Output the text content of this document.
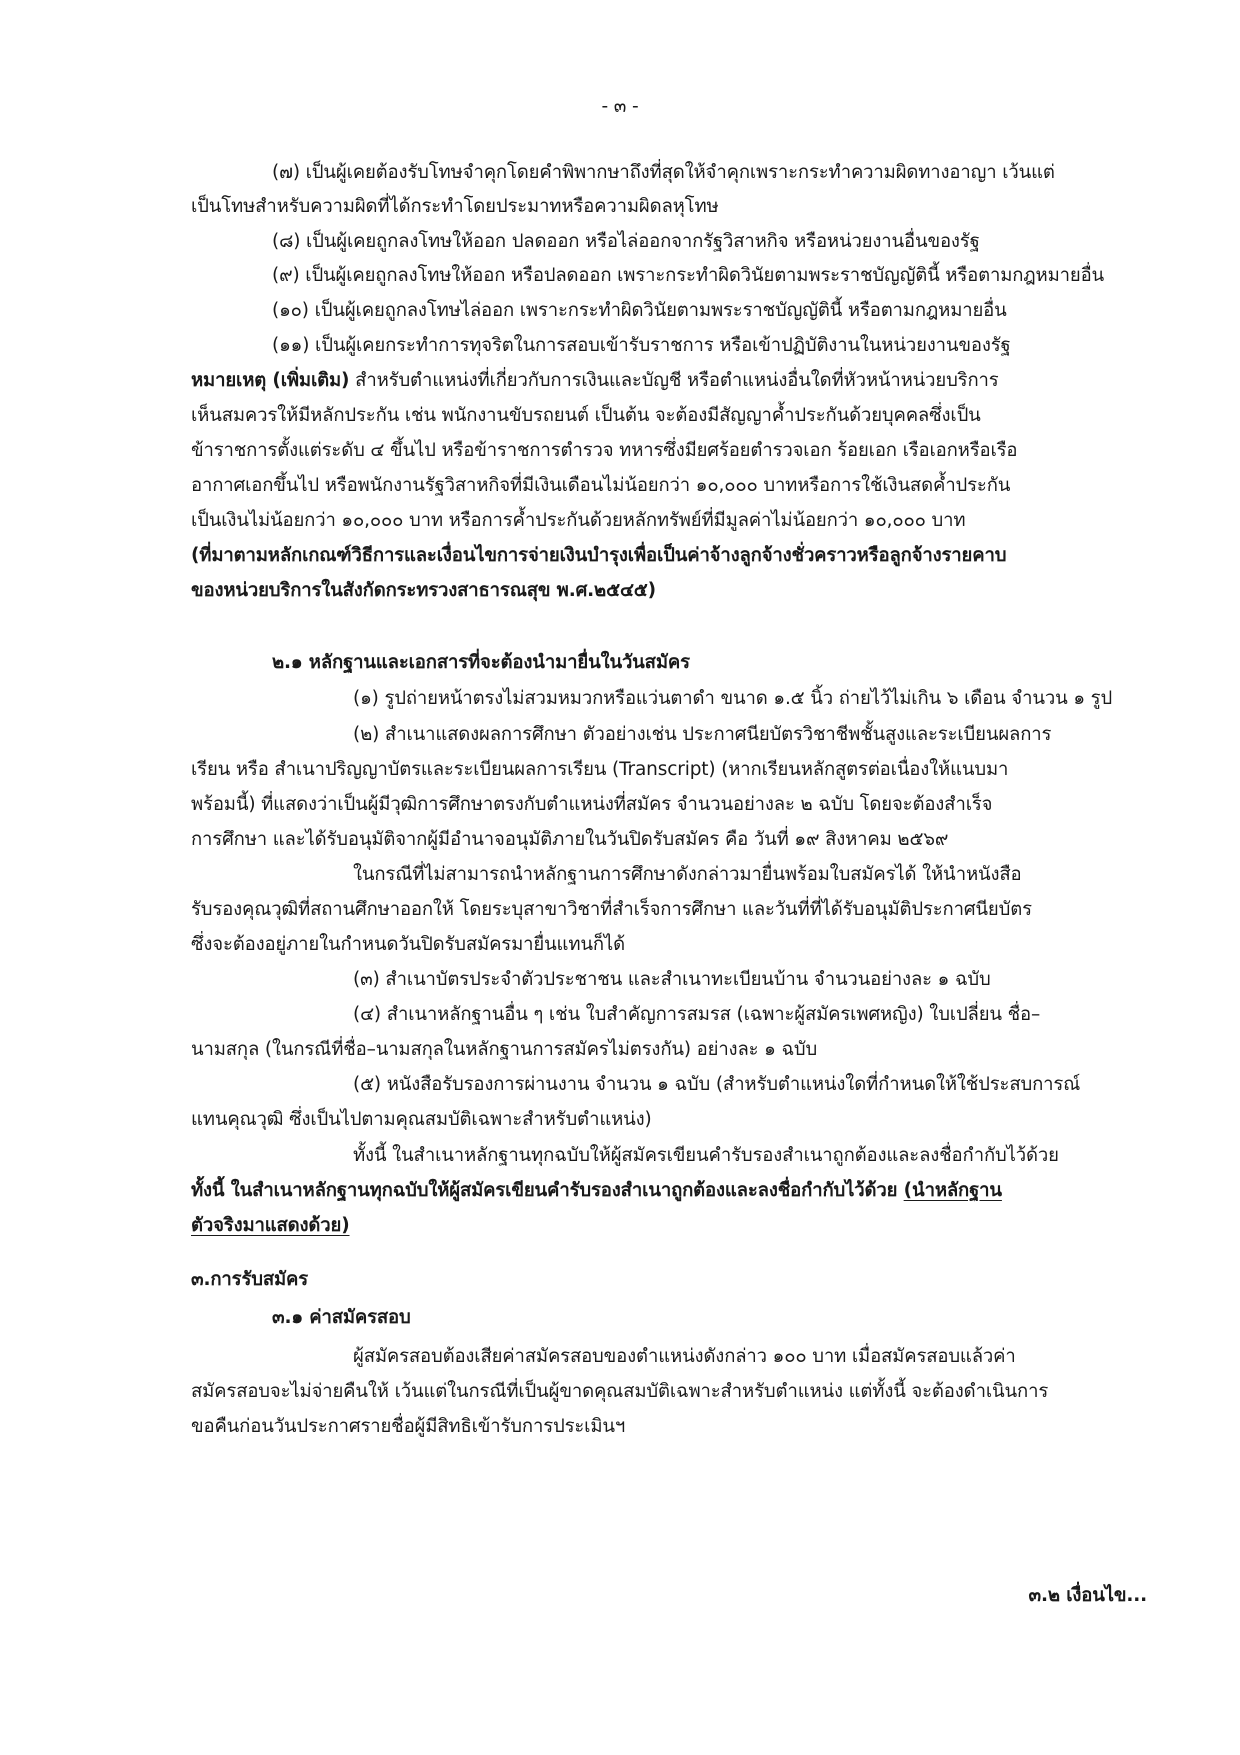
- ๓ -
(๗) เป็นผู้เคยต้องรับโทษจำคุกโดยคำพิพากษาถึงที่สุดให้จำคุกเพราะกระทำความผิดทางอาญา เว้นแต่
เป็นโทษสำหรับความผิดที่ได้กระทำโดยประมาทหรือความผิดลหุโทษ
(๘) เป็นผู้เคยถูกลงโทษให้ออก ปลดออก หรือไล่ออกจากรัฐวิสาหกิจ หรือหน่วยงานอื่นของรัฐ
(๙) เป็นผู้เคยถูกลงโทษให้ออก หรือปลดออก เพราะกระทำผิดวินัยตามพระราชบัญญัตินี้ หรือตามกฎหมายอื่น
(๑๐) เป็นผู้เคยถูกลงโทษไล่ออก เพราะกระทำผิดวินัยตามพระราชบัญญัตินี้ หรือตามกฎหมายอื่น
(๑๑) เป็นผู้เคยกระทำการทุจริตในการสอบเข้ารับราชการ หรือเข้าปฏิบัติงานในหน่วยงานของรัฐ
หมายเหตุ (เพิ่มเติม) สำหรับตำแหน่งที่เกี่ยวกับการเงินและบัญชี หรือตำแหน่งอื่นใดที่หัวหน้าหน่วยบริการ
เห็นสมควรให้มีหลักประกัน เช่น พนักงานขับรถยนต์ เป็นต้น จะต้องมีสัญญาค้ำประกันด้วยบุคคลซึ่งเป็น
ข้าราชการตั้งแต่ระดับ ๔ ขึ้นไป หรือข้าราชการตำรวจ ทหารซึ่งมียศร้อยตำรวจเอก ร้อยเอก เรือเอกหรือเรือ
อากาศเอกขึ้นไป หรือพนักงานรัฐวิสาหกิจที่มีเงินเดือนไม่น้อยกว่า ๑๐,๐๐๐ บาทหรือการใช้เงินสดค้ำประกัน
เป็นเงินไม่น้อยกว่า ๑๐,๐๐๐ บาท หรือการค้ำประกันด้วยหลักทรัพย์ที่มีมูลค่าไม่น้อยกว่า ๑๐,๐๐๐ บาท
(ที่มาตามหลักเกณฑ์วิธีการและเงื่อนไขการจ่ายเงินบำรุงเพื่อเป็นค่าจ้างลูกจ้างชั่วคราวหรือลูกจ้างรายคาบ
ของหน่วยบริการในสังกัดกระทรวงสาธารณสุข พ.ศ.๒๕๔๕)
๒.๑ หลักฐานและเอกสารที่จะต้องนำมายื่นในวันสมัคร
(๑) รูปถ่ายหน้าตรงไม่สวมหมวกหรือแว่นตาดำ ขนาด ๑.๕ นิ้ว ถ่ายไว้ไม่เกิน ๖ เดือน จำนวน ๑ รูป
(๒) สำเนาแสดงผลการศึกษา ตัวอย่างเช่น ประกาศนียบัตรวิชาชีพชั้นสูงและระเบียนผลการ
เรียน หรือ สำเนาปริญญาบัตรและระเบียนผลการเรียน (Transcript) (หากเรียนหลักสูตรต่อเนื่องให้แนบมา
พร้อมนี้) ที่แสดงว่าเป็นผู้มีวุฒิการศึกษาตรงกับตำแหน่งที่สมัคร จำนวนอย่างละ ๒ ฉบับ โดยจะต้องสำเร็จ
การศึกษา และได้รับอนุมัติจากผู้มีอำนาจอนุมัติภายในวันปิดรับสมัคร คือ วันที่ ๑๙ สิงหาคม ๒๕๖๙
ในกรณีที่ไม่สามารถนำหลักฐานการศึกษาดังกล่าวมายื่นพร้อมใบสมัครได้ ให้นำหนังสือ
รับรองคุณวุฒิที่สถานศึกษาออกให้ โดยระบุสาขาวิชาที่สำเร็จการศึกษา และวันที่ที่ได้รับอนุมัติประกาศนียบัตร
ซึ่งจะต้องอยู่ภายในกำหนดวันปิดรับสมัครมายื่นแทนก็ได้
(๓) สำเนาบัตรประจำตัวประชาชน และสำเนาทะเบียนบ้าน จำนวนอย่างละ ๑ ฉบับ
(๔) สำเนาหลักฐานอื่น ๆ เช่น ใบสำคัญการสมรส (เฉพาะผู้สมัครเพศหญิง) ใบเปลี่ยน ชื่อ–
นามสกุล (ในกรณีที่ชื่อ–นามสกุลในหลักฐานการสมัครไม่ตรงกัน) อย่างละ ๑ ฉบับ
(๕) หนังสือรับรองการผ่านงาน จำนวน ๑ ฉบับ (สำหรับตำแหน่งใดที่กำหนดให้ใช้ประสบการณ์
แทนคุณวุฒิ ซึ่งเป็นไปตามคุณสมบัติเฉพาะสำหรับตำแหน่ง)
ทั้งนี้ ในสำเนาหลักฐานทุกฉบับให้ผู้สมัครเขียนคำรับรองสำเนาถูกต้องและลงชื่อกำกับไว้ด้วย
ทั้งนี้ ในสำเนาหลักฐานทุกฉบับให้ผู้สมัครเขียนคำรับรองสำเนาถูกต้องและลงชื่อกำกับไว้ด้วย (นำหลักฐาน
ตัวจริงมาแสดงด้วย)
๓.การรับสมัคร
๓.๑ ค่าสมัครสอบ
ผู้สมัครสอบต้องเสียค่าสมัครสอบของตำแหน่งดังกล่าว ๑๐๐ บาท เมื่อสมัครสอบแล้วค่า
สมัครสอบจะไม่จ่ายคืนให้ เว้นแต่ในกรณีที่เป็นผู้ขาดคุณสมบัติเฉพาะสำหรับตำแหน่ง แต่ทั้งนี้ จะต้องดำเนินการ
ขอคืนก่อนวันประกาศรายชื่อผู้มีสิทธิเข้ารับการประเมินฯ
๓.๒ เงื่อนไข...
